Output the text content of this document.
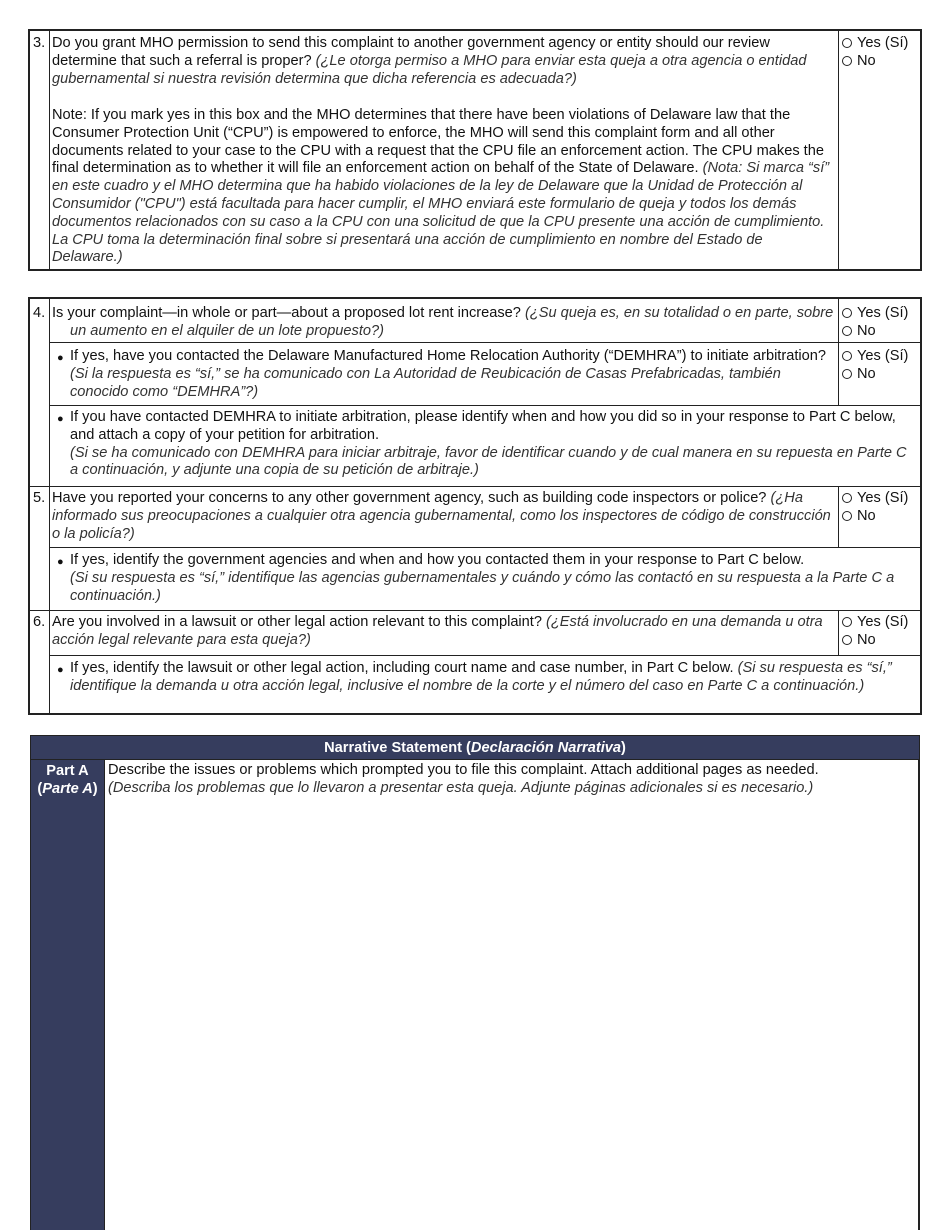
3. Do you grant MHO permission to send this complaint to another government agency or entity should our review determine that such a referral is proper? (¿Le otorga permiso a MHO para enviar esta queja a otra agencia o entidad gubernamental si nuestra revisión determina que dicha referencia es adecuada?)
Note: If you mark yes in this box and the MHO determines that there have been violations of Delaware law that the Consumer Protection Unit (“CPU”) is empowered to enforce, the MHO will send this complaint form and all other documents related to your case to the CPU with a request that the CPU file an enforcement action. The CPU makes the final determination as to whether it will file an enforcement action on behalf of the State of Delaware. (Nota: Si marca “sí” en este cuadro y el MHO determina que ha habido violaciones de la ley de Delaware que la Unidad de Protección al Consumidor ("CPU") está facultada para hacer cumplir, el MHO enviará este formulario de queja y todos los demás documentos relacionados con su caso a la CPU con una solicitud de que la CPU presente una acción de cumplimiento. La CPU toma la determinación final sobre si presentará una acción de cumplimiento en nombre del Estado de Delaware.)
Yes (Sí)
No
4. Is your complaint—in whole or part—about a proposed lot rent increase? (¿Su queja es, en su totalidad o en parte, sobre un aumento en el alquiler de un lote propuesto?)
Yes (Sí)
No
● If yes, have you contacted the Delaware Manufactured Home Relocation Authority (“DEMHRA”) to initiate arbitration? (Si la respuesta es “sí,” se ha comunicado con La Autoridad de Reubicación de Casas Prefabricadas, también conocido como “DEMHRA”?)
Yes (Sí)
No
● If you have contacted DEMHRA to initiate arbitration, please identify when and how you did so in your response to Part C below, and attach a copy of your petition for arbitration.
(Si se ha comunicado con DEMHRA para iniciar arbitraje, favor de identificar cuando y de cual manera en su repuesta en Parte C a continuación, y adjunte una copia de su petición de arbitraje.)
5. Have you reported your concerns to any other government agency, such as building code inspectors or police? (¿Ha informado sus preocupaciones a cualquier otra agencia gubernamental, como los inspectores de código de construcción o la policía?)
Yes (Sí)
No
● If yes, identify the government agencies and when and how you contacted them in your response to Part C below.
(Si su respuesta es “sí,” identifique las agencias gubernamentales y cuándo y cómo las contactó en su respuesta a la Parte C a continuación.)
6. Are you involved in a lawsuit or other legal action relevant to this complaint? (¿Está involucrado en una demanda u otra acción legal relevante para esta queja?)
Yes (Sí)
No
● If yes, identify the lawsuit or other legal action, including court name and case number, in Part C below. (Si su respuesta es “sí,” identifique la demanda u otra acción legal, inclusive el nombre de la corte y el número del caso en Parte C a continuación.)
Narrative Statement (Declaración Narrativa)
Part A
(Parte A)
Describe the issues or problems which prompted you to file this complaint. Attach additional pages as needed.
(Describa los problemas que lo llevaron a presentar esta queja. Adjunte páginas adicionales si es necesario.)
